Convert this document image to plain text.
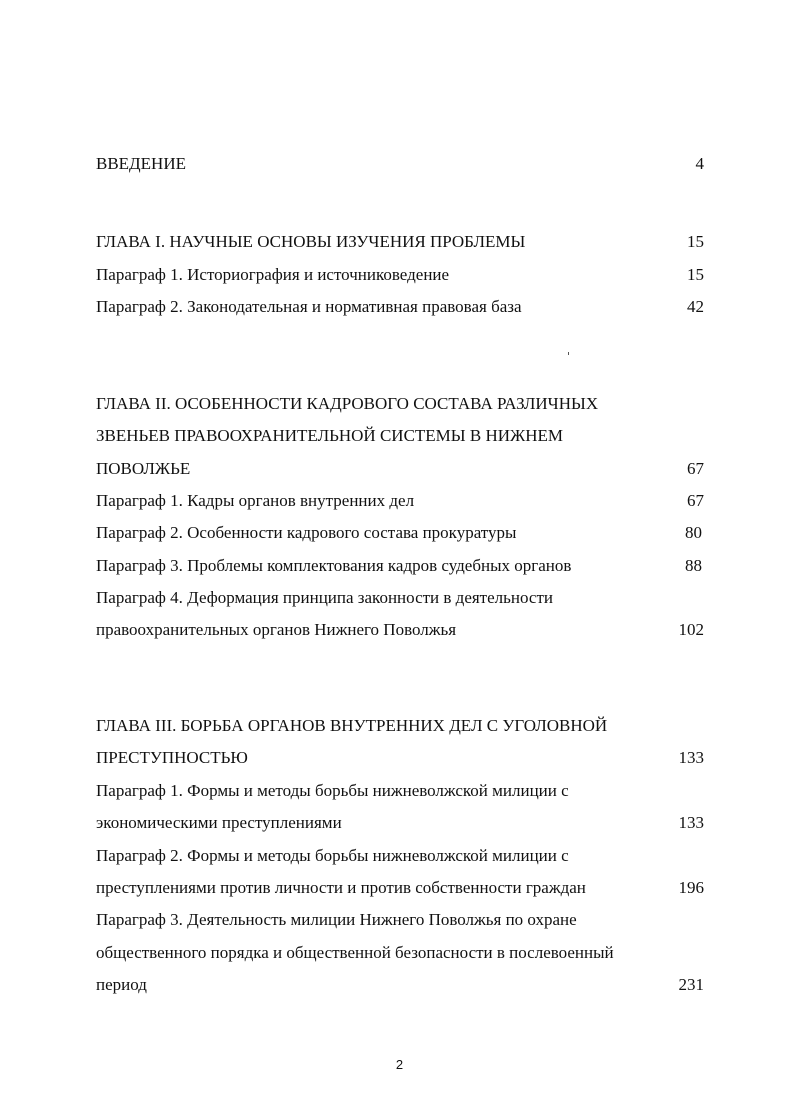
ВВЕДЕНИЕ	4
ГЛАВА I. НАУЧНЫЕ ОСНОВЫ ИЗУЧЕНИЯ ПРОБЛЕМЫ	15
Параграф 1. Историография и источниковедение	15
Параграф 2. Законодательная и нормативная правовая база	42
ГЛАВА II. ОСОБЕННОСТИ КАДРОВОГО СОСТАВА РАЗЛИЧНЫХ
ЗВЕНЬЕВ ПРАВООХРАНИТЕЛЬНОЙ СИСТЕМЫ В НИЖНЕМ
ПОВОЛЖЬЕ	67
Параграф 1. Кадры органов внутренних дел	67
Параграф 2. Особенности кадрового состава прокуратуры	80
Параграф 3. Проблемы комплектования кадров судебных органов	88
Параграф 4. Деформация принципа законности в деятельности
правоохранительных органов Нижнего Поволжья	102
ГЛАВА III. БОРЬБА ОРГАНОВ ВНУТРЕННИХ ДЕЛ С УГОЛОВНОЙ
ПРЕСТУПНОСТЬЮ	133
Параграф 1. Формы и методы борьбы нижневолжской милиции с
экономическими преступлениями	133
Параграф 2. Формы и методы борьбы нижневолжской милиции с
преступлениями против личности и против собственности граждан	196
Параграф 3. Деятельность милиции Нижнего Поволжья по охране
общественного порядка и общественной безопасности в послевоенный
период	231
2
